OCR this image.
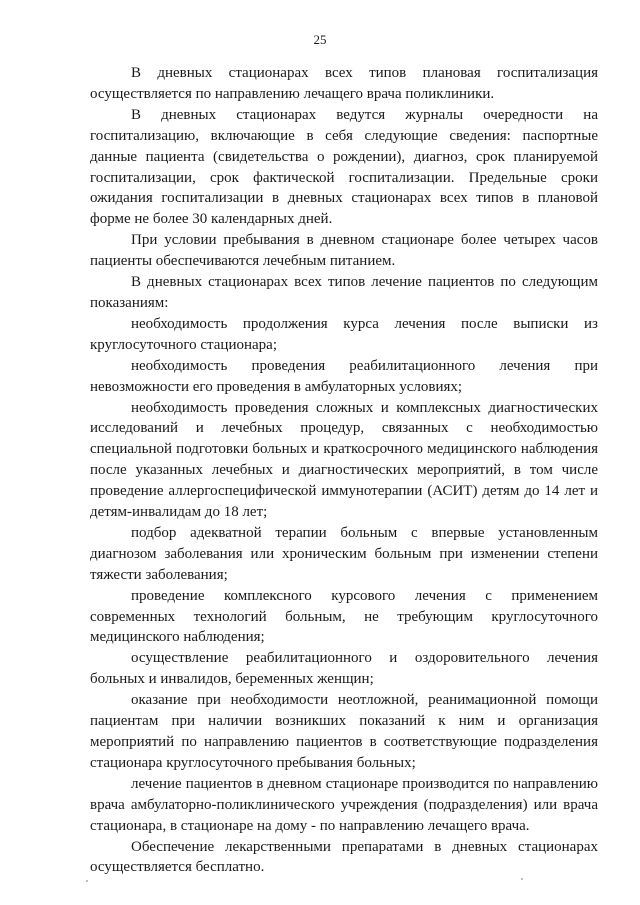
25

В дневных стационарах всех типов плановая госпитализация осуществляется по направлению лечащего врача поликлиники.

В дневных стационарах ведутся журналы очередности на госпитализацию, включающие в себя следующие сведения: паспортные данные пациента (свидетельства о рождении), диагноз, срок планируемой госпитализации, срок фактической госпитализации. Предельные сроки ожидания госпитализации в дневных стационарах всех типов в плановой форме не более 30 календарных дней.

При условии пребывания в дневном стационаре более четырех часов пациенты обеспечиваются лечебным питанием.

В дневных стационарах всех типов лечение пациентов по следующим показаниям:

необходимость продолжения курса лечения после выписки из круглосуточного стационара;

необходимость проведения реабилитационного лечения при невозможности его проведения в амбулаторных условиях;

необходимость проведения сложных и комплексных диагностических исследований и лечебных процедур, связанных с необходимостью специальной подготовки больных и краткосрочного медицинского наблюдения после указанных лечебных и диагностических мероприятий, в том числе проведение аллергоспецифической иммунотерапии (АСИТ) детям до 14 лет и детям-инвалидам до 18 лет;

подбор адекватной терапии больным с впервые установленным диагнозом заболевания или хроническим больным при изменении степени тяжести заболевания;

проведение комплексного курсового лечения с применением современных технологий больным, не требующим круглосуточного медицинского наблюдения;

осуществление реабилитационного и оздоровительного лечения больных и инвалидов, беременных женщин;

оказание при необходимости неотложной, реанимационной помощи пациентам при наличии возникших показаний к ним и организация мероприятий по направлению пациентов в соответствующие подразделения стационара круглосуточного пребывания больных;

лечение пациентов в дневном стационаре производится по направлению врача амбулаторно-поликлинического учреждения (подразделения) или врача стационара, в стационаре на дому - по направлению лечащего врача.

Обеспечение лекарственными препаратами в дневных стационарах осуществляется бесплатно.
